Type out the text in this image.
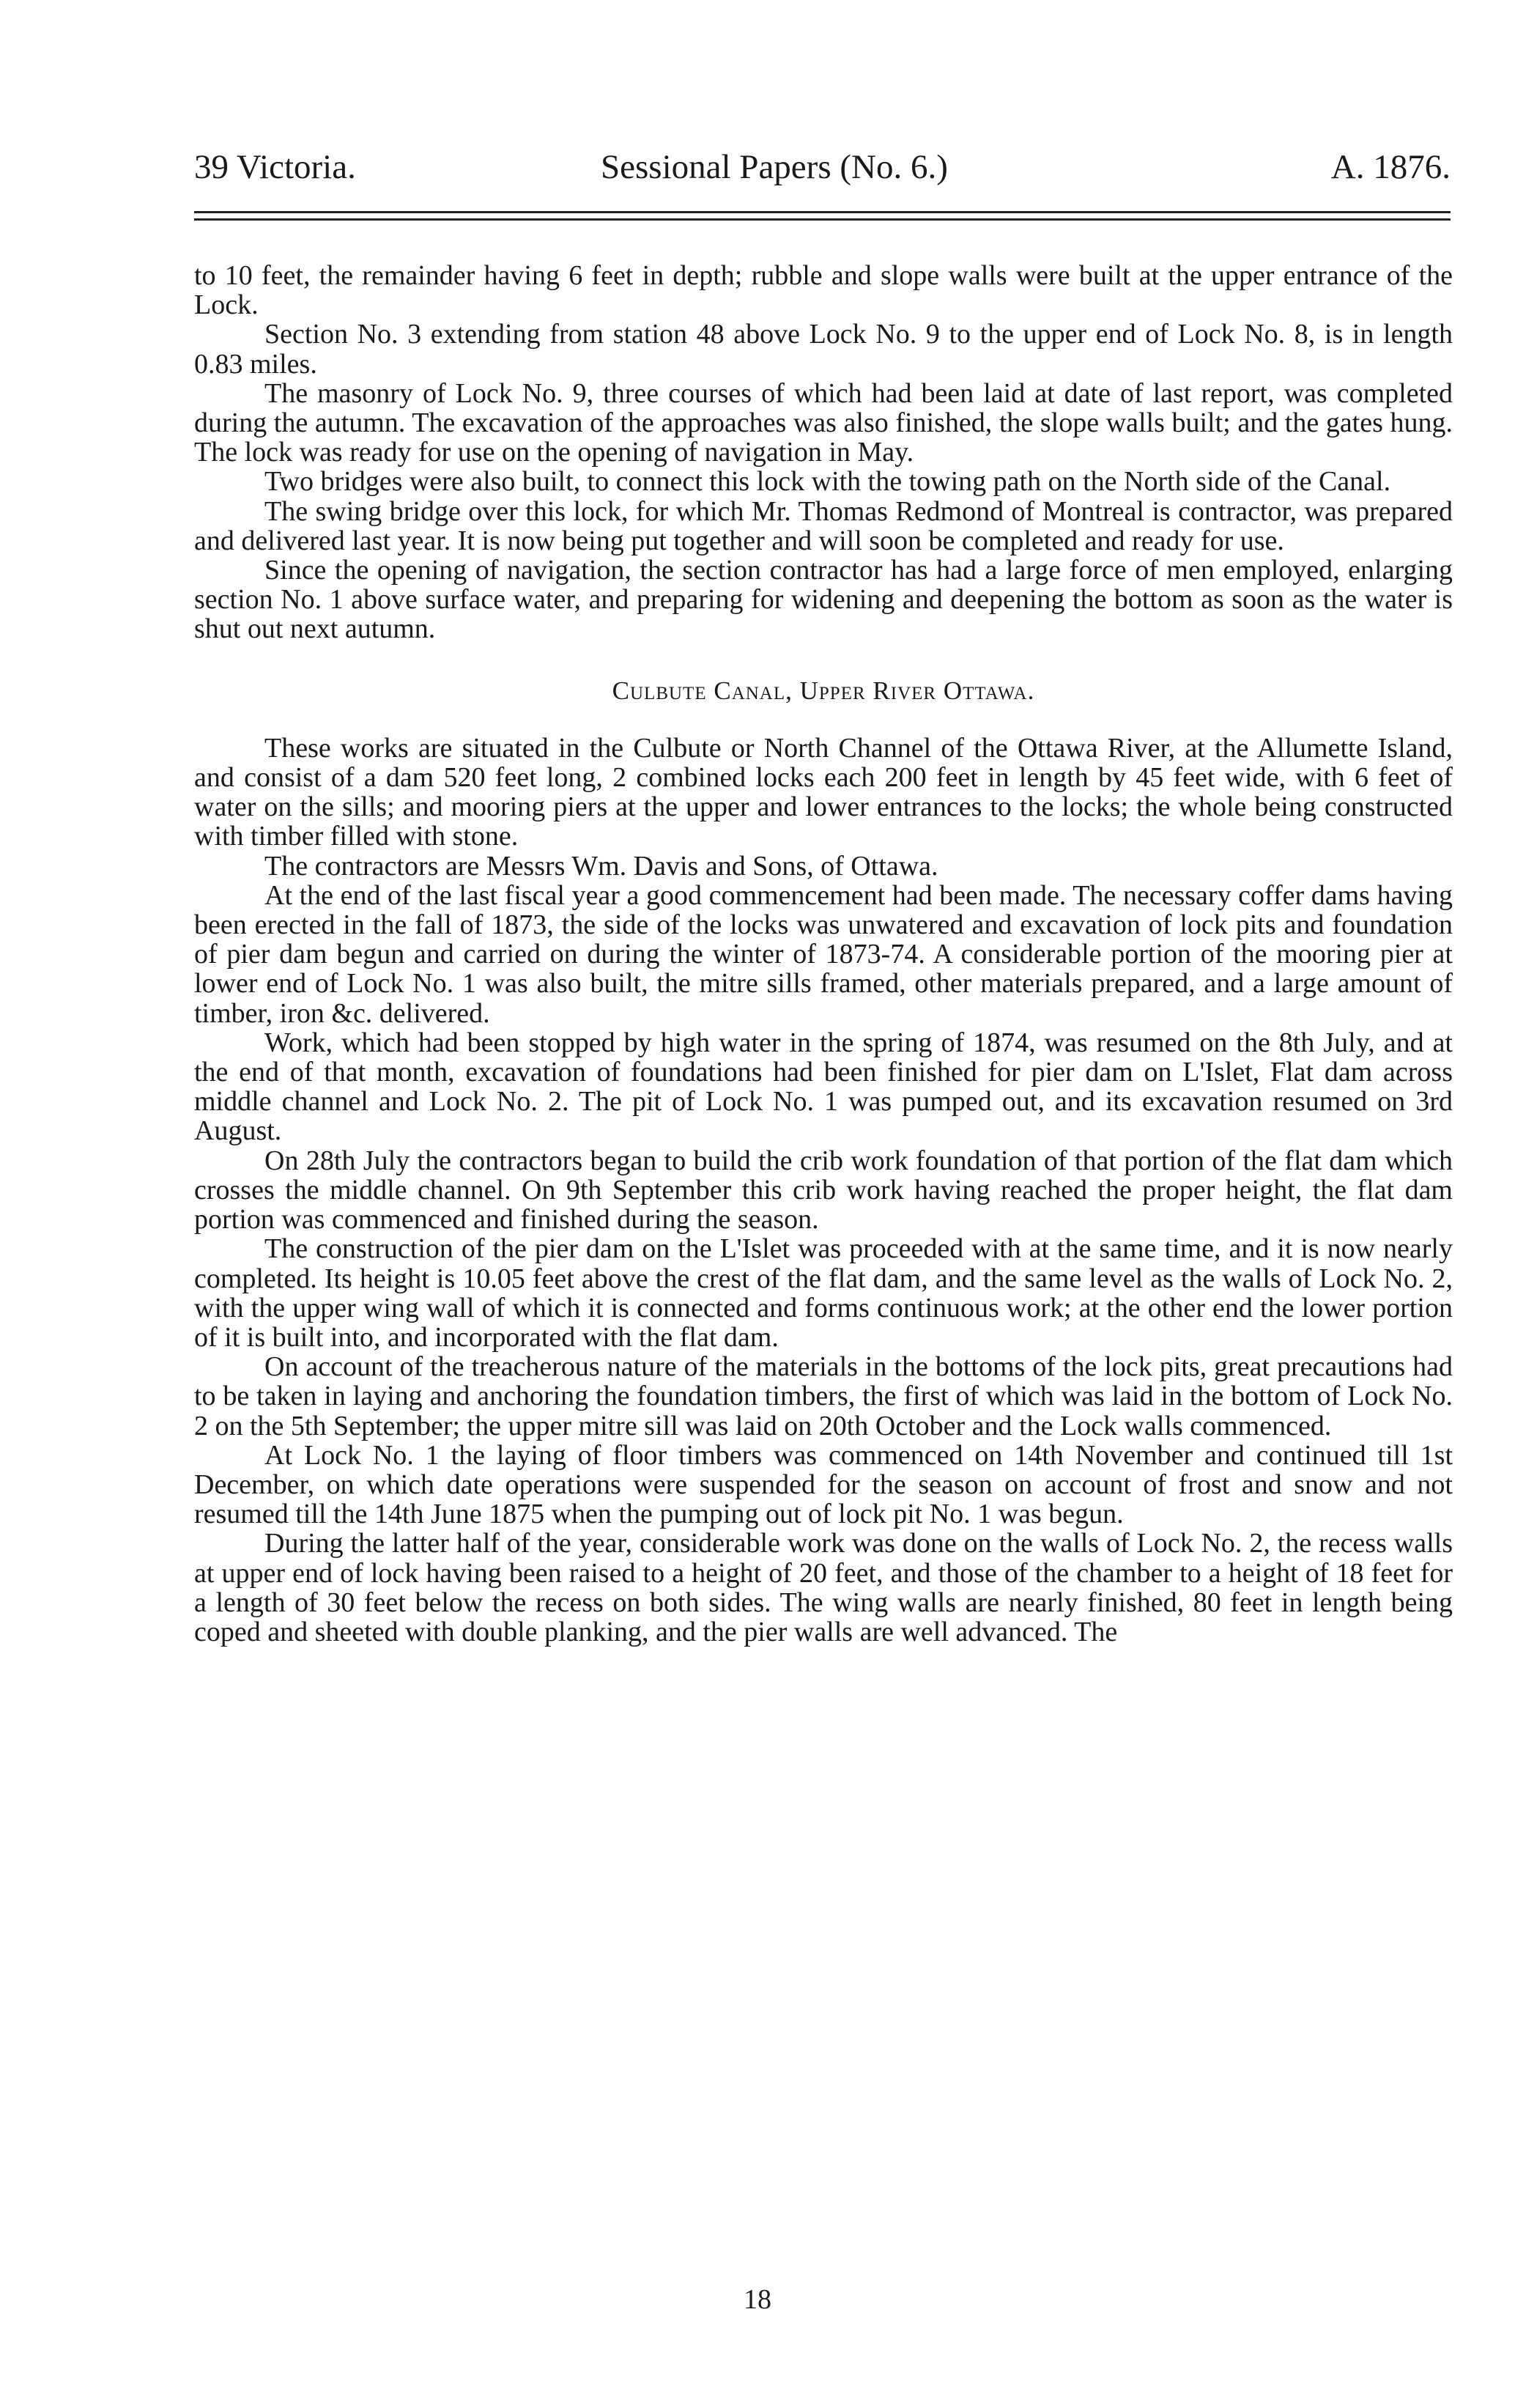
39 Victoria.	Sessional Papers (No. 6.)	A. 1876.

to 10 feet, the remainder having 6 feet in depth; rubble and slope walls were built at the upper entrance of the Lock.

Section No. 3 extending from station 48 above Lock No. 9 to the upper end of Lock No. 8, is in length 0.83 miles.

The masonry of Lock No. 9, three courses of which had been laid at date of last report, was completed during the autumn. The excavation of the approaches was also finished, the slope walls built; and the gates hung. The lock was ready for use on the opening of navigation in May.

Two bridges were also built, to connect this lock with the towing path on the North side of the Canal.

The swing bridge over this lock, for which Mr. Thomas Redmond of Montreal is contractor, was prepared and delivered last year. It is now being put together and will soon be completed and ready for use.

Since the opening of navigation, the section contractor has had a large force of men employed, enlarging section No. 1 above surface water, and preparing for widening and deepening the bottom as soon as the water is shut out next autumn.

Culbute Canal, Upper River Ottawa.

These works are situated in the Culbute or North Channel of the Ottawa River, at the Allumette Island, and consist of a dam 520 feet long, 2 combined locks each 200 feet in length by 45 feet wide, with 6 feet of water on the sills; and mooring piers at the upper and lower entrances to the locks; the whole being constructed with timber filled with stone.

The contractors are Messrs Wm. Davis and Sons, of Ottawa.

At the end of the last fiscal year a good commencement had been made. The necessary coffer dams having been erected in the fall of 1873, the side of the locks was unwatered and excavation of lock pits and foundation of pier dam begun and carried on during the winter of 1873-74. A considerable portion of the mooring pier at lower end of Lock No. 1 was also built, the mitre sills framed, other materials prepared, and a large amount of timber, iron &c. delivered.

Work, which had been stopped by high water in the spring of 1874, was resumed on the 8th July, and at the end of that month, excavation of foundations had been finished for pier dam on L'Islet, Flat dam across middle channel and Lock No. 2. The pit of Lock No. 1 was pumped out, and its excavation resumed on 3rd August.

On 28th July the contractors began to build the crib work foundation of that portion of the flat dam which crosses the middle channel. On 9th September this crib work having reached the proper height, the flat dam portion was commenced and finished during the season.

The construction of the pier dam on the L'Islet was proceeded with at the same time, and it is now nearly completed. Its height is 10.05 feet above the crest of the flat dam, and the same level as the walls of Lock No. 2, with the upper wing wall of which it is connected and forms continuous work; at the other end the lower portion of it is built into, and incorporated with the flat dam.

On account of the treacherous nature of the materials in the bottoms of the lock pits, great precautions had to be taken in laying and anchoring the foundation timbers, the first of which was laid in the bottom of Lock No. 2 on the 5th September; the upper mitre sill was laid on 20th October and the Lock walls commenced.

At Lock No. 1 the laying of floor timbers was commenced on 14th November and continued till 1st December, on which date operations were suspended for the season on account of frost and snow and not resumed till the 14th June 1875 when the pumping out of lock pit No. 1 was begun.

During the latter half of the year, considerable work was done on the walls of Lock No. 2, the recess walls at upper end of lock having been raised to a height of 20 feet, and those of the chamber to a height of 18 feet for a length of 30 feet below the recess on both sides. The wing walls are nearly finished, 80 feet in length being coped and sheeted with double planking, and the pier walls are well advanced. The

18
